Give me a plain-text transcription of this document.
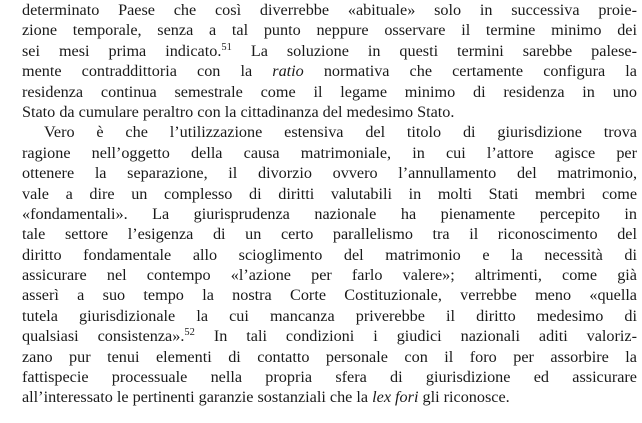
determinato Paese che così diverrebbe «abituale» solo in successiva proie-
zione temporale, senza a tal punto neppure osservare il termine minimo dei
sei mesi prima indicato.$^{51}$ La soluzione in questi termini sarebbe palese-
mente contraddittoria con la ratio normativa che certamente configura la
residenza continua semestrale come il legame minimo di residenza in uno
Stato da cumulare peraltro con la cittadinanza del medesimo Stato.
Vero è che l’utilizzazione estensiva del titolo di giurisdizione trova
ragione nell’oggetto della causa matrimoniale, in cui l’attore agisce per
ottenere la separazione, il divorzio ovvero l’annullamento del matrimonio,
vale a dire un complesso di diritti valutabili in molti Stati membri come
«fondamentali». La giurisprudenza nazionale ha pienamente percepito in
tale settore l’esigenza di un certo parallelismo tra il riconoscimento del
diritto fondamentale allo scioglimento del matrimonio e la necessità di
assicurare nel contempo «l’azione per farlo valere»; altrimenti, come già
asserì a suo tempo la nostra Corte Costituzionale, verrebbe meno «quella
tutela giurisdizionale la cui mancanza priverebbe il diritto medesimo di
qualsiasi consistenza».$^{52}$ In tali condizioni i giudici nazionali aditi valoriz-
zano pur tenui elementi di contatto personale con il foro per assorbire la
fattispecie processuale nella propria sfera di giurisdizione ed assicurare
all’interessato le pertinenti garanzie sostanziali che la lex fori gli riconosce.
